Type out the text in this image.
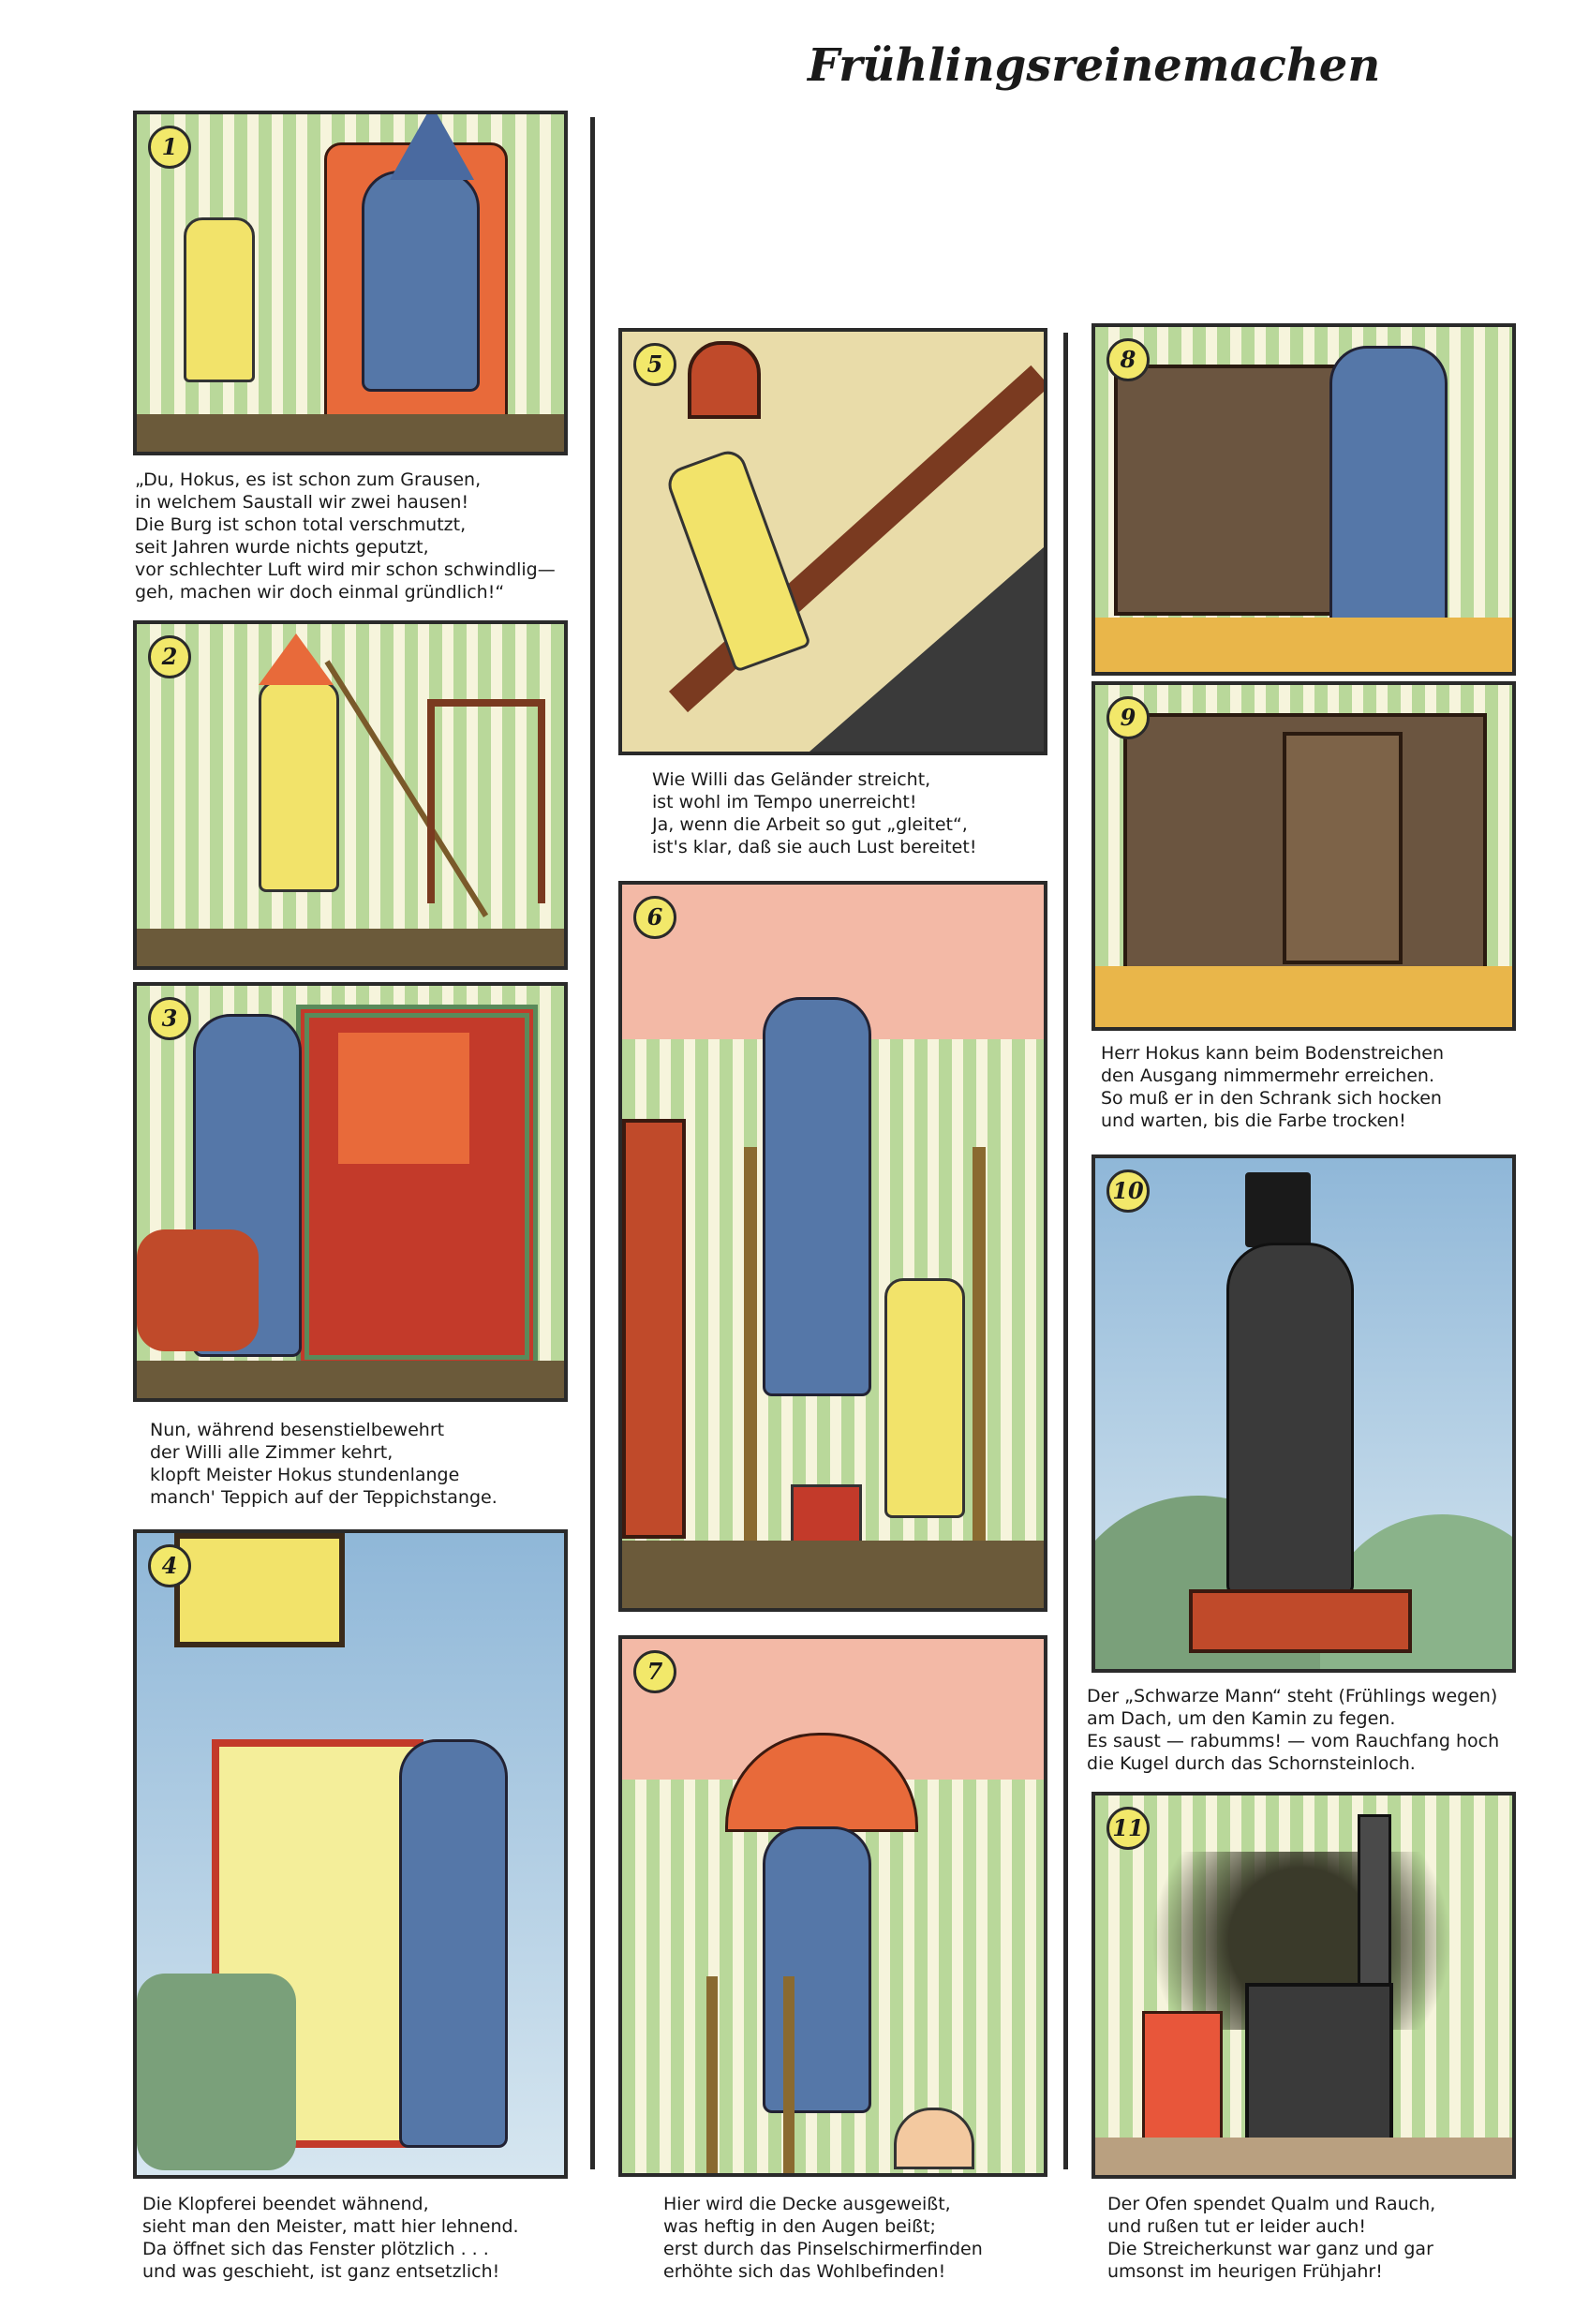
Frühlingsreinemachen
1
„Du, Hokus, es ist schon zum Grausen,
in welchem Saustall wir zwei hausen!
Die Burg ist schon total verschmutzt,
seit Jahren wurde nichts geputzt,
vor schlechter Luft wird mir schon schwindlig—
geh, machen wir doch einmal gründlich!“
2
3
Nun, während besenstielbewehrt
der Willi alle Zimmer kehrt,
klopft Meister Hokus stundenlange
manch' Teppich auf der Teppichstange.
4
Die Klopferei beendet wähnend,
sieht man den Meister, matt hier lehnend.
Da öffnet sich das Fenster plötzlich . . .
und was geschieht, ist ganz entsetzlich!
5
Wie Willi das Geländer streicht,
ist wohl im Tempo unerreicht!
Ja, wenn die Arbeit so gut „gleitet“,
ist's klar, daß sie auch Lust bereitet!
6
7
Hier wird die Decke ausgeweißt,
was heftig in den Augen beißt;
erst durch das Pinselschirmerfinden
erhöhte sich das Wohlbefinden!
8
9
Herr Hokus kann beim Bodenstreichen
den Ausgang nimmermehr erreichen.
So muß er in den Schrank sich hocken
und warten, bis die Farbe trocken!
10
Der „Schwarze Mann“ steht (Frühlings wegen)
am Dach, um den Kamin zu fegen.
Es saust — rabumms! — vom Rauchfang hoch
die Kugel durch das Schornsteinloch.
11
Der Ofen spendet Qualm und Rauch,
und rußen tut er leider auch!
Die Streicherkunst war ganz und gar
umsonst im heurigen Frühjahr!
